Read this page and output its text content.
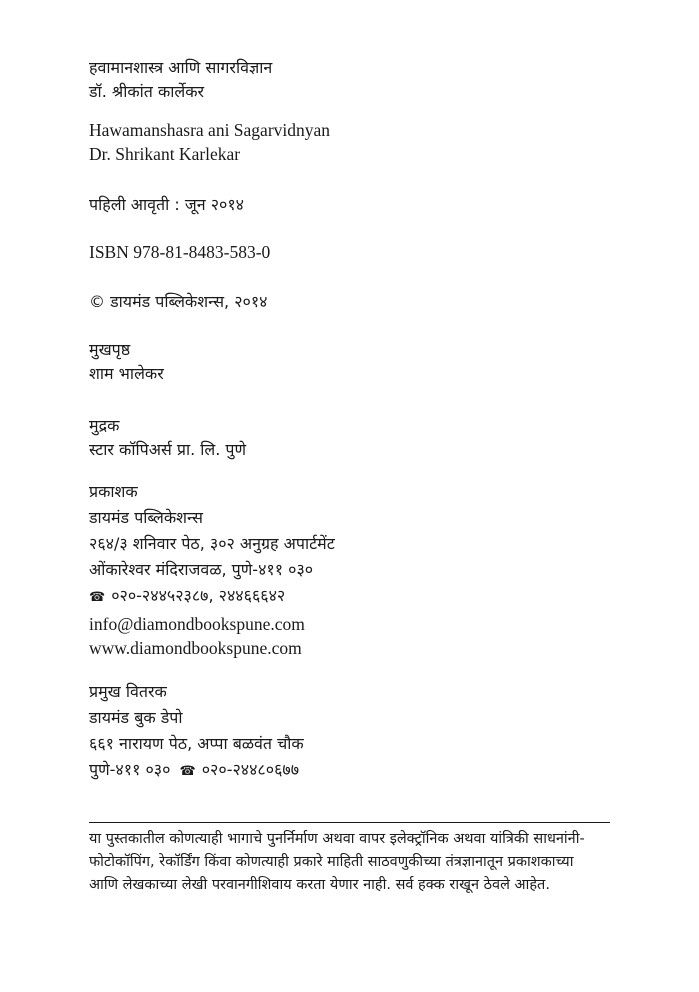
हवामानशास्त्र आणि सागरविज्ञान
डॉ. श्रीकांत कार्लेकर
Hawamanshasra ani Sagarvidnyan
Dr. Shrikant Karlekar
पहिली आवृती : जून २०१४
ISBN 978-81-8483-583-0
© डायमंड पब्लिकेशन्स, २०१४
मुखपृष्ठ
शाम भालेकर
मुद्रक
स्टार कॉपिअर्स प्रा. लि. पुणे
प्रकाशक
डायमंड पब्लिकेशन्स
२६४/३ शनिवार पेठ, ३०२ अनुग्रह अपार्टमेंट
ओंकारेश्वर मंदिराजवळ, पुणे-४११ ०३०
☎ ०२०-२४४५२३८७, २४४६६६४२
info@diamondbookspune.com
www.diamondbookspune.com
प्रमुख वितरक
डायमंड बुक डेपो
६६१ नारायण पेठ, अप्पा बळवंत चौक
पुणे-४११ ०३० ☎ ०२०-२४४८०६७७
या पुस्तकातील कोणत्याही भागाचे पुनर्निर्माण अथवा वापर इलेक्ट्रॉनिक अथवा यांत्रिकी साधनांनी-
फोटोकॉपिंग, रेकॉर्डिंग किंवा कोणत्याही प्रकारे माहिती साठवणुकीच्या तंत्रज्ञानातून प्रकाशकाच्या
आणि लेखकाच्या लेखी परवानगीशिवाय करता येणार नाही. सर्व हक्क राखून ठेवले आहेत.
